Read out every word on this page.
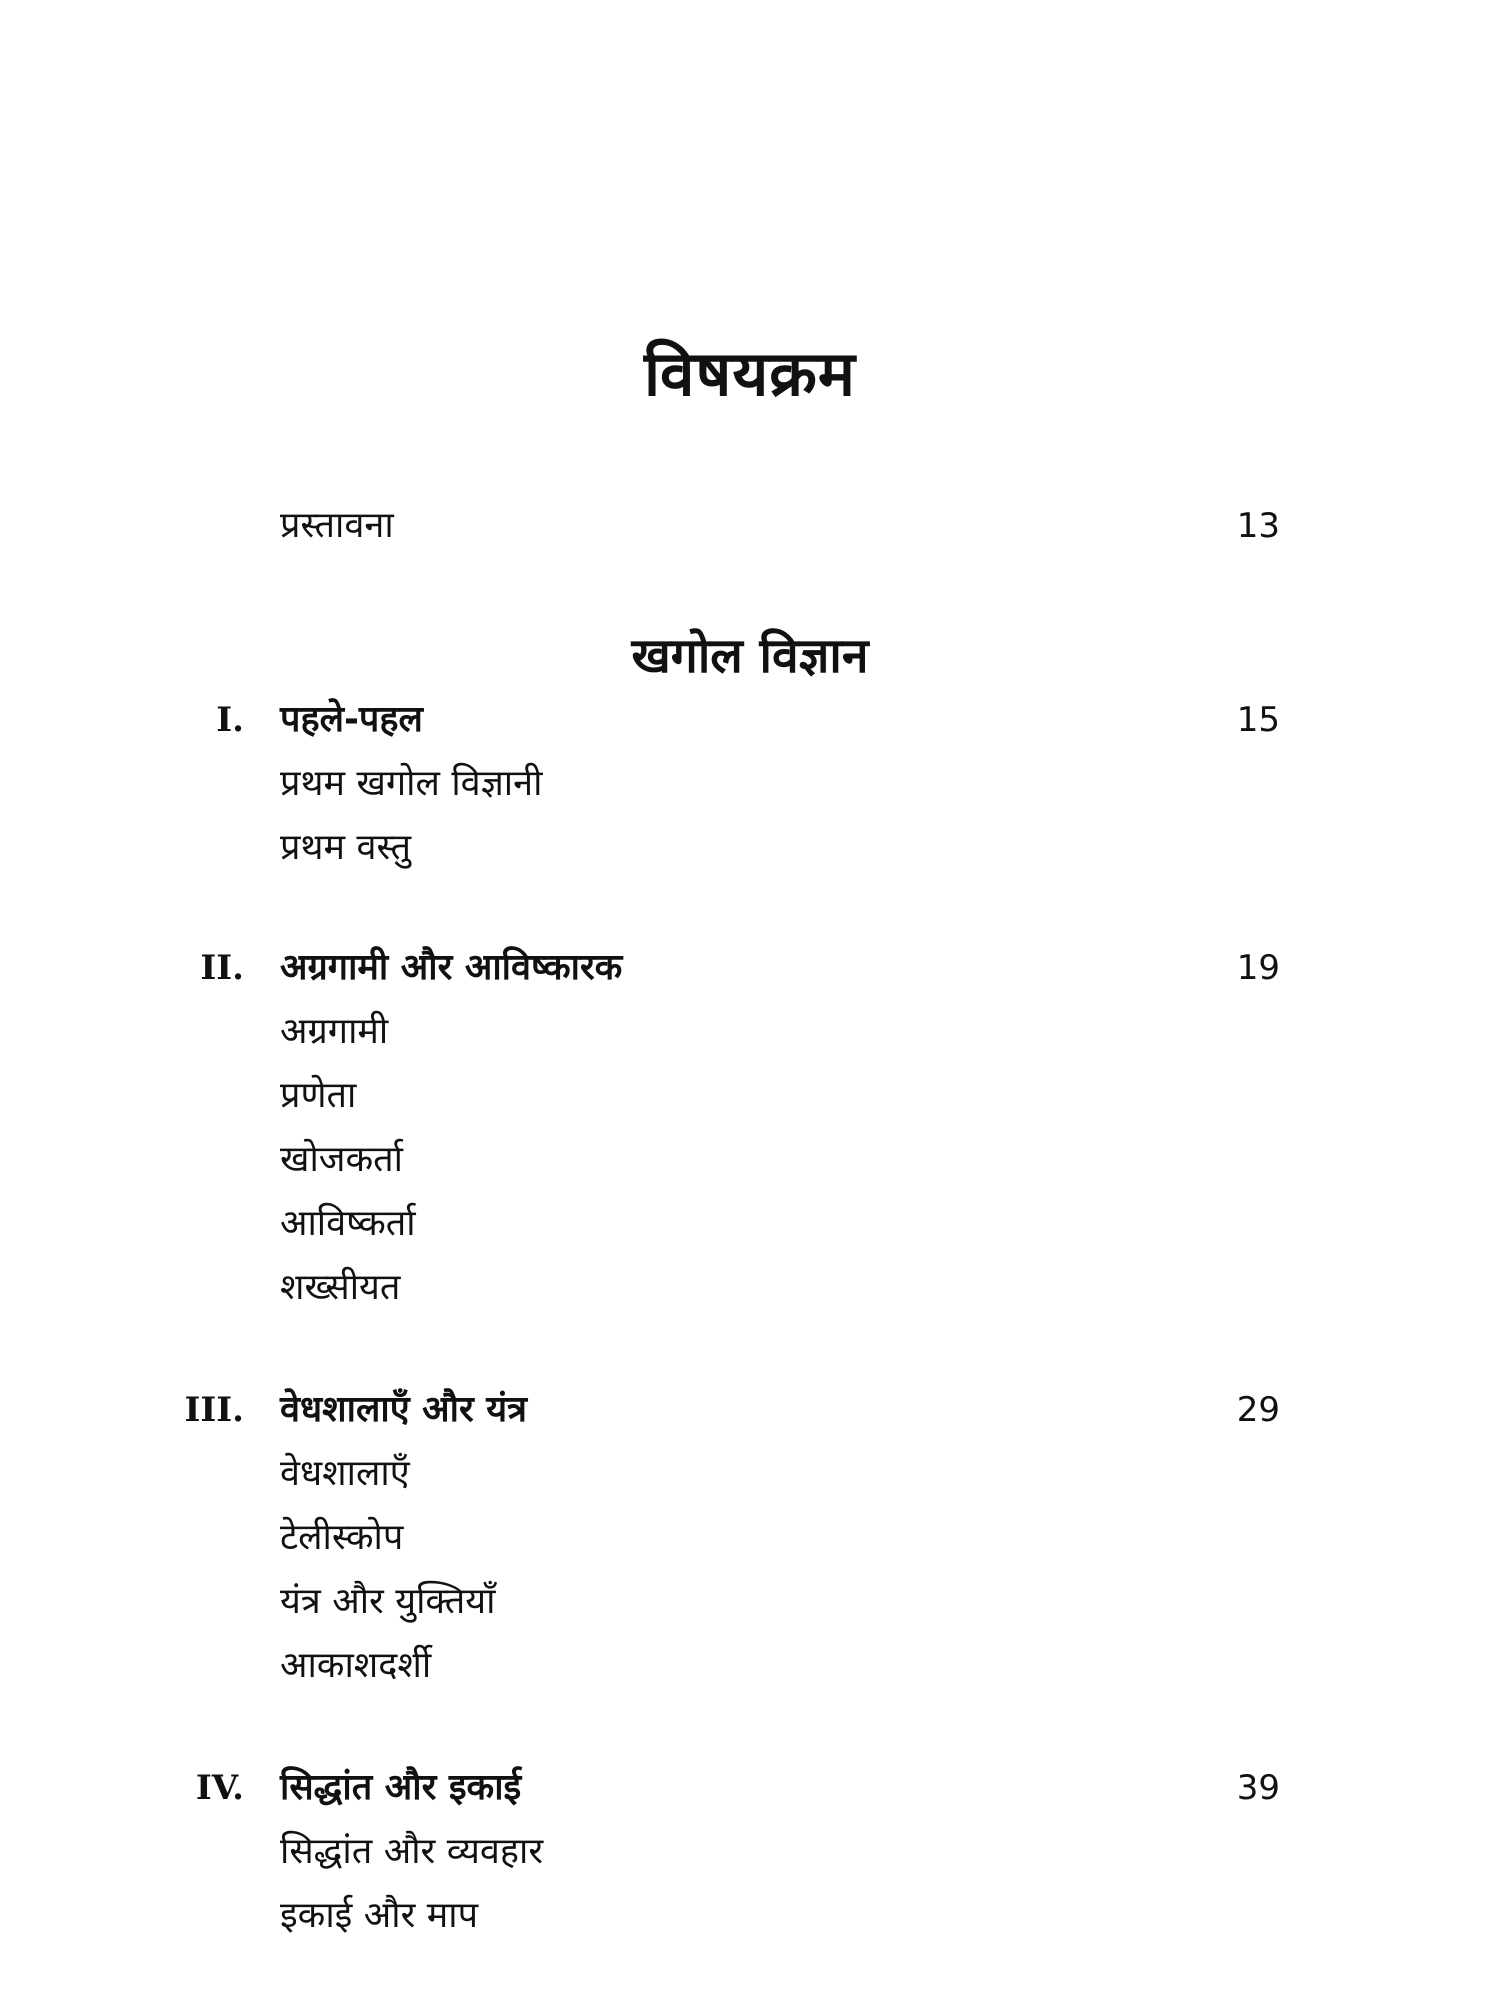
विषयक्रम
प्रस्तावना	13
खगोल विज्ञान
I. पहले-पहल	15
प्रथम खगोल विज्ञानी
प्रथम वस्तु
II. अग्रगामी और आविष्कारक	19
अग्रगामी
प्रणेता
खोजकर्ता
आविष्कर्ता
शख्सीयत
III. वेधशालाएँ और यंत्र	29
वेधशालाएँ
टेलीस्कोप
यंत्र और युक्तियाँ
आकाशदर्शी
IV. सिद्धांत और इकाई	39
सिद्धांत और व्यवहार
इकाई और माप
